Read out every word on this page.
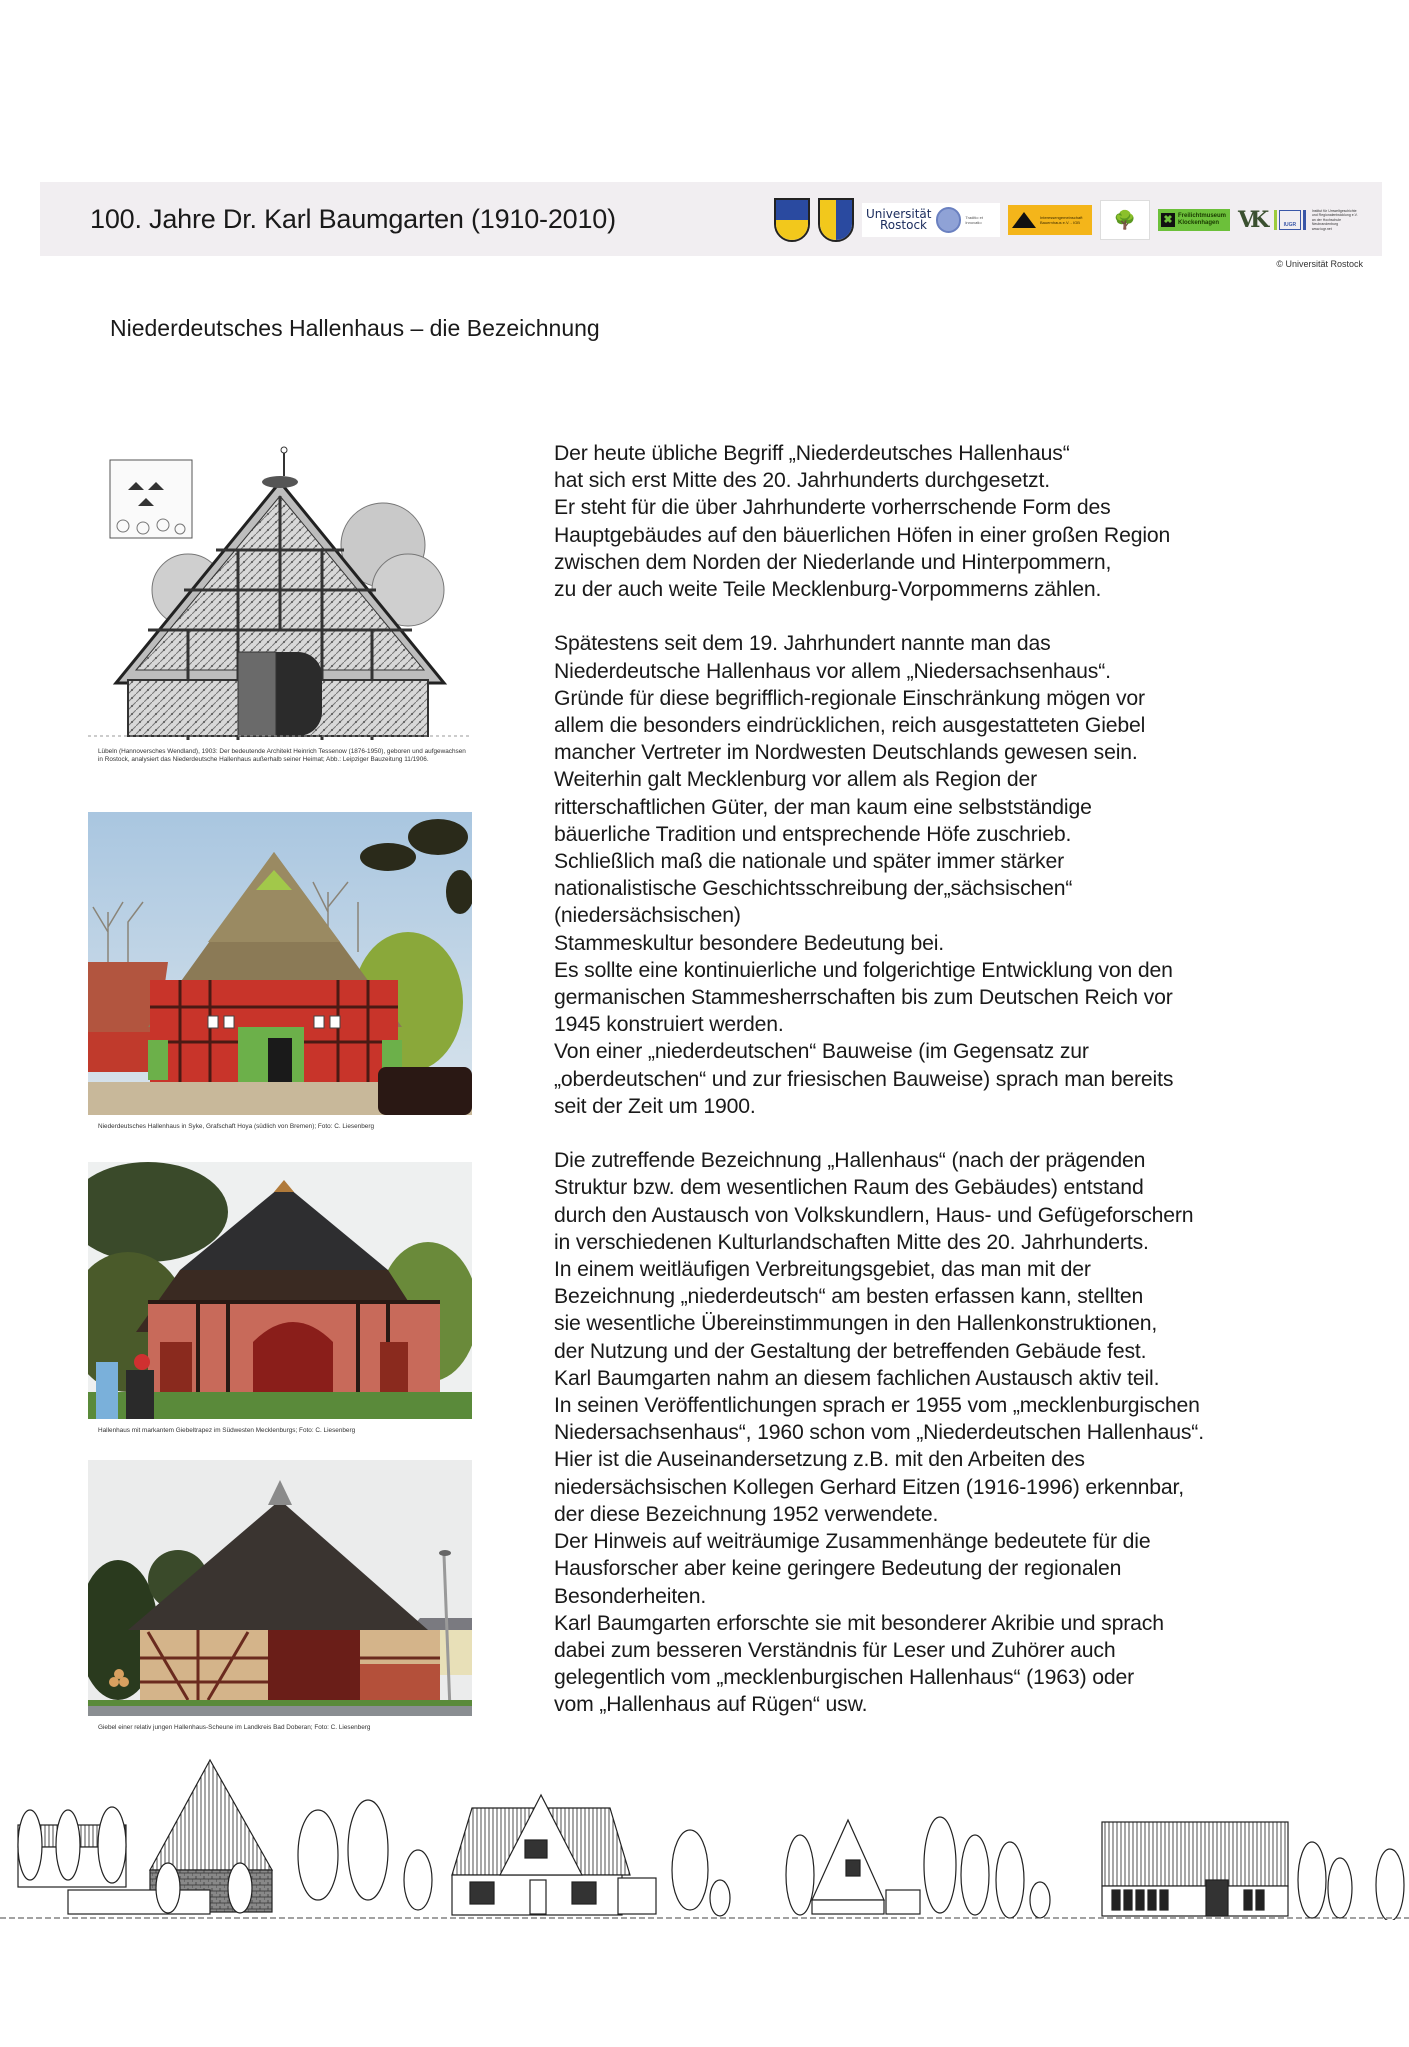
100. Jahre Dr. Karl Baumgarten (1910-2010)	Universität
Rostock
Traditio et Innovatio
Interessengemeinschaft
Bauernhaus e.V. - IGB 🌳 ✖ Freilichtmuseum
Klockenhagen VK	IUGR
Institut für Umweltgeschichte
und Regionalentwicklung e.V.
an der Hochschule Neubrandenburg
www.iugr.net
© Universität Rostock
Niederdeutsches Hallenhaus – die Bezeichnung
Lübeln (Hannoversches Wendland), 1903: Der bedeutende Architekt Heinrich Tessenow (1876-1950), geboren und aufgewachsen in Rostock, analysiert das Niederdeutsche Hallenhaus außerhalb seiner Heimat; Abb.: Leipziger Bauzeitung 11/1906.
Niederdeutsches Hallenhaus in Syke, Grafschaft Hoya (südlich von Bremen); Foto: C. Liesenberg
Hallenhaus mit markantem Giebeltrapez im Südwesten Mecklenburgs; Foto: C. Liesenberg
Giebel einer relativ jungen Hallenhaus-Scheune im Landkreis Bad Doberan; Foto: C. Liesenberg
Der heute übliche Begriff „Niederdeutsches Hallenhaus“
hat sich erst Mitte des 20. Jahrhunderts durchgesetzt.
Er steht für die über Jahrhunderte vorherrschende Form des
Hauptgebäudes auf den bäuerlichen Höfen in einer großen Region
zwischen dem Norden der Niederlande und Hinterpommern,
zu der auch weite Teile Mecklenburg-Vorpommerns zählen.
Spätestens seit dem 19. Jahrhundert nannte man das
Niederdeutsche Hallenhaus vor allem „Niedersachsenhaus“.
Gründe für diese begrifflich-regionale Einschränkung mögen vor
allem die besonders eindrücklichen, reich ausgestatteten Giebel
mancher Vertreter im Nordwesten Deutschlands gewesen sein.
Weiterhin galt Mecklenburg vor allem als Region der
ritterschaftlichen Güter, der man kaum eine selbstständige
bäuerliche Tradition und entsprechende Höfe zuschrieb.
Schließlich maß die nationale und später immer stärker
nationalistische Geschichtsschreibung der„sächsischen“
(niedersächsischen)
Stammeskultur besondere Bedeutung bei.
Es sollte eine kontinuierliche und folgerichtige Entwicklung von den
germanischen Stammesherrschaften bis zum Deutschen Reich vor
1945 konstruiert werden.
Von einer „niederdeutschen“ Bauweise (im Gegensatz zur
„oberdeutschen“ und zur friesischen Bauweise) sprach man bereits
seit der Zeit um 1900.
Die zutreffende Bezeichnung „Hallenhaus“ (nach der prägenden
Struktur bzw. dem wesentlichen Raum des Gebäudes) entstand
durch den Austausch von Volkskundlern, Haus- und Gefügeforschern
in verschiedenen Kulturlandschaften Mitte des 20. Jahrhunderts.
In einem weitläufigen Verbreitungsgebiet, das man mit der
Bezeichnung „niederdeutsch“ am besten erfassen kann, stellten
sie wesentliche Übereinstimmungen in den Hallenkonstruktionen,
der Nutzung und der Gestaltung der betreffenden Gebäude fest.
Karl Baumgarten nahm an diesem fachlichen Austausch aktiv teil.
In seinen Veröffentlichungen sprach er 1955 vom „mecklenburgischen
Niedersachsenhaus“, 1960 schon vom „Niederdeutschen Hallenhaus“.
Hier ist die Auseinandersetzung z.B. mit den Arbeiten des
niedersächsischen Kollegen Gerhard Eitzen (1916-1996) erkennbar,
der diese Bezeichnung 1952 verwendete.
Der Hinweis auf weiträumige Zusammenhänge bedeutete für die
Hausforscher aber keine geringere Bedeutung der regionalen
Besonderheiten.
Karl Baumgarten erforschte sie mit besonderer Akribie und sprach
dabei zum besseren Verständnis für Leser und Zuhörer auch
gelegentlich vom „mecklenburgischen Hallenhaus“ (1963) oder
vom „Hallenhaus auf Rügen“ usw.
